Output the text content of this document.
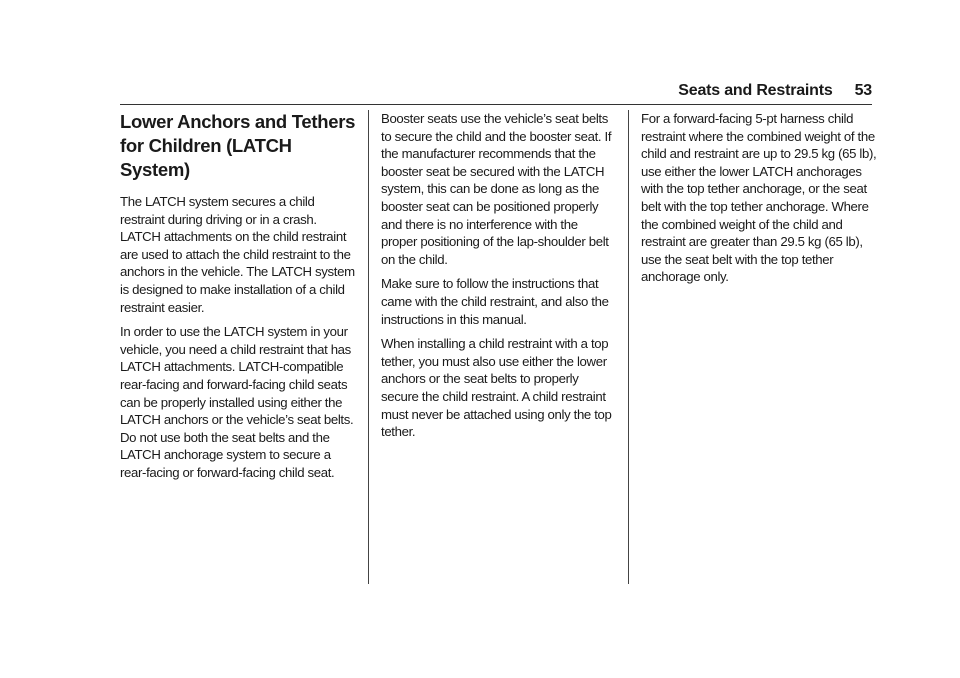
Seats and Restraints 53
Lower Anchors and Tethers for Children (LATCH System)

The LATCH system secures a child restraint during driving or in a crash. LATCH attachments on the child restraint are used to attach the child restraint to the anchors in the vehicle. The LATCH system is designed to make installation of a child restraint easier.

In order to use the LATCH system in your vehicle, you need a child restraint that has LATCH attachments. LATCH-compatible rear-facing and forward-facing child seats can be properly installed using either the LATCH anchors or the vehicle’s seat belts. Do not use both the seat belts and the LATCH anchorage system to secure a rear-facing or forward-facing child seat.

Booster seats use the vehicle’s seat belts to secure the child and the booster seat. If the manufacturer recommends that the booster seat be secured with the LATCH system, this can be done as long as the booster seat can be positioned properly and there is no interference with the proper positioning of the lap-shoulder belt on the child.

Make sure to follow the instructions that came with the child restraint, and also the instructions in this manual.

When installing a child restraint with a top tether, you must also use either the lower anchors or the seat belts to properly secure the child restraint. A child restraint must never be attached using only the top tether.

For a forward-facing 5-pt harness child restraint where the combined weight of the child and restraint are up to 29.5 kg (65 lb), use either the lower LATCH anchorages with the top tether anchorage, or the seat belt with the top tether anchorage. Where the combined weight of the child and restraint are greater than 29.5 kg (65 lb), use the seat belt with the top tether anchorage only.
